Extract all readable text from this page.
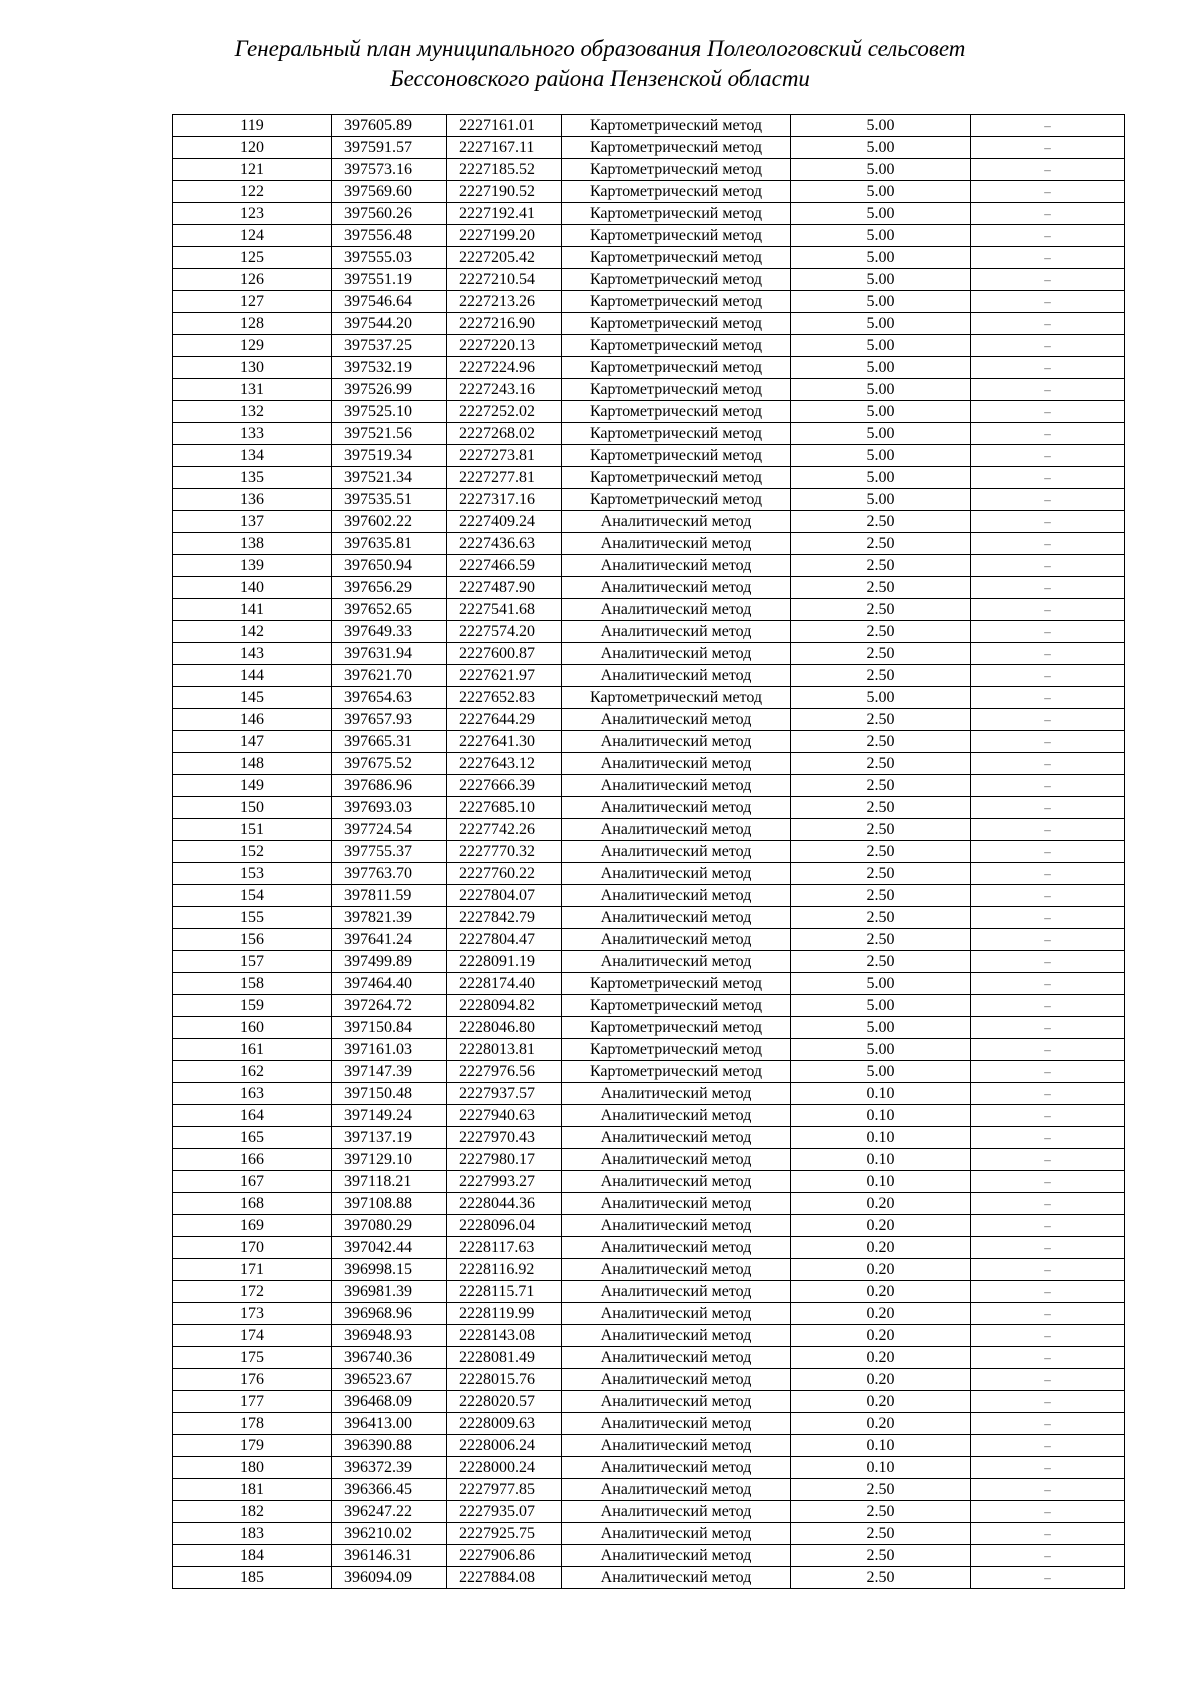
Генеральный план муниципального образования Полеологовский сельсовет
Бессоновского района Пензенской области
119	397605.89	2227161.01	Картометрический метод	5.00	–
120	397591.57	2227167.11	Картометрический метод	5.00	–
121	397573.16	2227185.52	Картометрический метод	5.00	–
122	397569.60	2227190.52	Картометрический метод	5.00	–
123	397560.26	2227192.41	Картометрический метод	5.00	–
124	397556.48	2227199.20	Картометрический метод	5.00	–
125	397555.03	2227205.42	Картометрический метод	5.00	–
126	397551.19	2227210.54	Картометрический метод	5.00	–
127	397546.64	2227213.26	Картометрический метод	5.00	–
128	397544.20	2227216.90	Картометрический метод	5.00	–
129	397537.25	2227220.13	Картометрический метод	5.00	–
130	397532.19	2227224.96	Картометрический метод	5.00	–
131	397526.99	2227243.16	Картометрический метод	5.00	–
132	397525.10	2227252.02	Картометрический метод	5.00	–
133	397521.56	2227268.02	Картометрический метод	5.00	–
134	397519.34	2227273.81	Картометрический метод	5.00	–
135	397521.34	2227277.81	Картометрический метод	5.00	–
136	397535.51	2227317.16	Картометрический метод	5.00	–
137	397602.22	2227409.24	Аналитический метод	2.50	–
138	397635.81	2227436.63	Аналитический метод	2.50	–
139	397650.94	2227466.59	Аналитический метод	2.50	–
140	397656.29	2227487.90	Аналитический метод	2.50	–
141	397652.65	2227541.68	Аналитический метод	2.50	–
142	397649.33	2227574.20	Аналитический метод	2.50	–
143	397631.94	2227600.87	Аналитический метод	2.50	–
144	397621.70	2227621.97	Аналитический метод	2.50	–
145	397654.63	2227652.83	Картометрический метод	5.00	–
146	397657.93	2227644.29	Аналитический метод	2.50	–
147	397665.31	2227641.30	Аналитический метод	2.50	–
148	397675.52	2227643.12	Аналитический метод	2.50	–
149	397686.96	2227666.39	Аналитический метод	2.50	–
150	397693.03	2227685.10	Аналитический метод	2.50	–
151	397724.54	2227742.26	Аналитический метод	2.50	–
152	397755.37	2227770.32	Аналитический метод	2.50	–
153	397763.70	2227760.22	Аналитический метод	2.50	–
154	397811.59	2227804.07	Аналитический метод	2.50	–
155	397821.39	2227842.79	Аналитический метод	2.50	–
156	397641.24	2227804.47	Аналитический метод	2.50	–
157	397499.89	2228091.19	Аналитический метод	2.50	–
158	397464.40	2228174.40	Картометрический метод	5.00	–
159	397264.72	2228094.82	Картометрический метод	5.00	–
160	397150.84	2228046.80	Картометрический метод	5.00	–
161	397161.03	2228013.81	Картометрический метод	5.00	–
162	397147.39	2227976.56	Картометрический метод	5.00	–
163	397150.48	2227937.57	Аналитический метод	0.10	–
164	397149.24	2227940.63	Аналитический метод	0.10	–
165	397137.19	2227970.43	Аналитический метод	0.10	–
166	397129.10	2227980.17	Аналитический метод	0.10	–
167	397118.21	2227993.27	Аналитический метод	0.10	–
168	397108.88	2228044.36	Аналитический метод	0.20	–
169	397080.29	2228096.04	Аналитический метод	0.20	–
170	397042.44	2228117.63	Аналитический метод	0.20	–
171	396998.15	2228116.92	Аналитический метод	0.20	–
172	396981.39	2228115.71	Аналитический метод	0.20	–
173	396968.96	2228119.99	Аналитический метод	0.20	–
174	396948.93	2228143.08	Аналитический метод	0.20	–
175	396740.36	2228081.49	Аналитический метод	0.20	–
176	396523.67	2228015.76	Аналитический метод	0.20	–
177	396468.09	2228020.57	Аналитический метод	0.20	–
178	396413.00	2228009.63	Аналитический метод	0.20	–
179	396390.88	2228006.24	Аналитический метод	0.10	–
180	396372.39	2228000.24	Аналитический метод	0.10	–
181	396366.45	2227977.85	Аналитический метод	2.50	–
182	396247.22	2227935.07	Аналитический метод	2.50	–
183	396210.02	2227925.75	Аналитический метод	2.50	–
184	396146.31	2227906.86	Аналитический метод	2.50	–
185	396094.09	2227884.08	Аналитический метод	2.50	–
